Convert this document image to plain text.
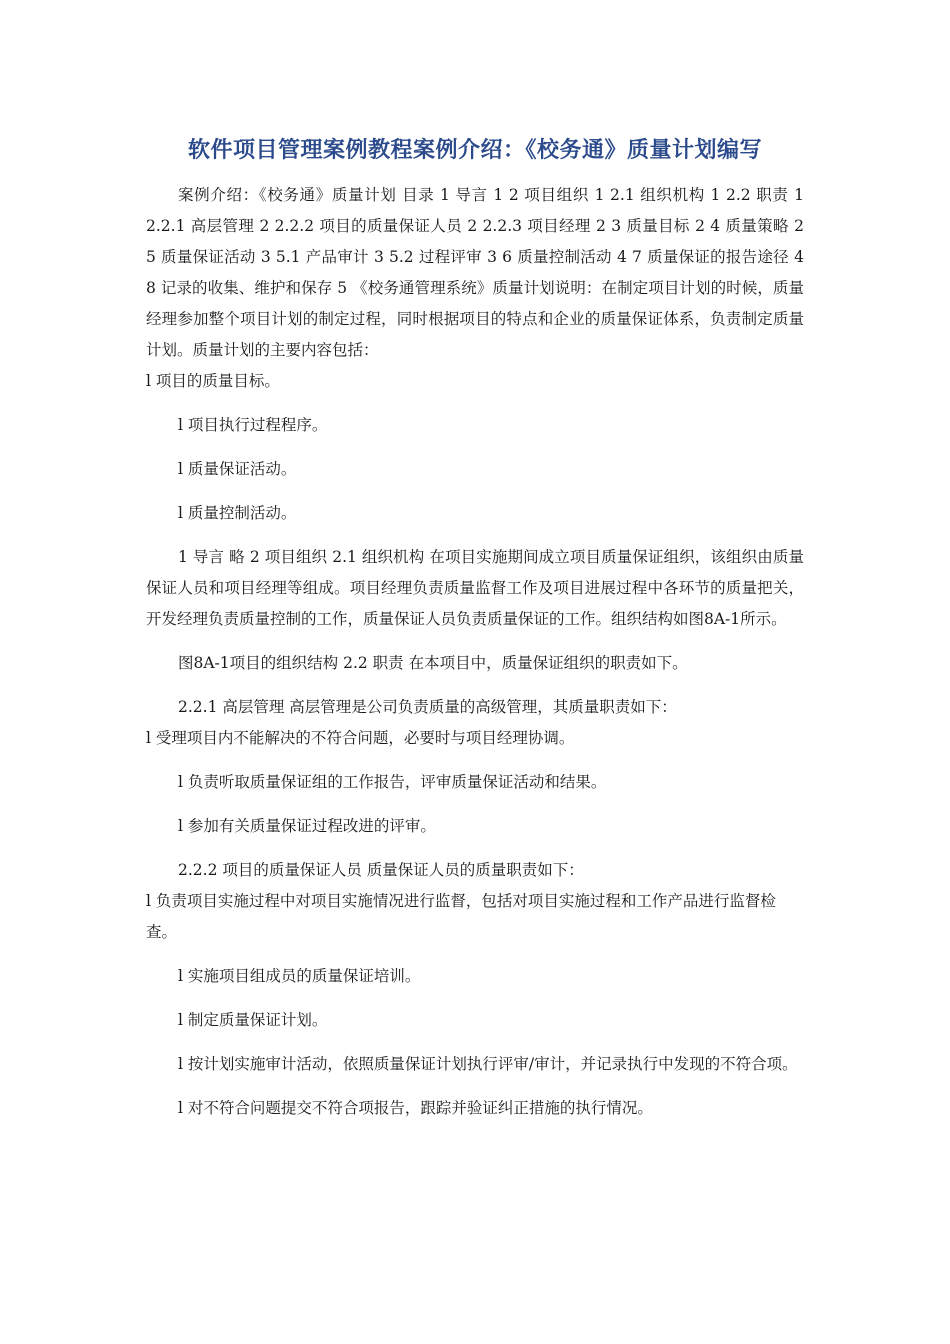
软件项目管理案例教程案例介绍：《校务通》质量计划编写

案例介绍：《校务通》质量计划 目录 1 导言 1 2 项目组织 1 2.1 组织机构 1 2.2 职责 1 2.2.1 高层管理 2 2.2.2 项目的质量保证人员 2 2.2.3 项目经理 2 3 质量目标 2 4 质量策略 2 5 质量保证活动 3 5.1 产品审计 3 5.2 过程评审 3 6 质量控制活动 4 7 质量保证的报告途径 4 8 记录的收集、维护和保存 5 《校务通管理系统》质量计划说明：在制定项目计划的时候，质量经理参加整个项目计划的制定过程，同时根据项目的特点和企业的质量保证体系，负责制定质量计划。质量计划的主要内容包括：

l 项目的质量目标。

l 项目执行过程程序。

l 质量保证活动。

l 质量控制活动。

1 导言 略 2 项目组织 2.1 组织机构 在项目实施期间成立项目质量保证组织，该组织由质量保证人员和项目经理等组成。项目经理负责质量监督工作及项目进展过程中各环节的质量把关，开发经理负责质量控制的工作，质量保证人员负责质量保证的工作。组织结构如图8A-1所示。

图8A-1项目的组织结构 2.2 职责 在本项目中，质量保证组织的职责如下。

2.2.1 高层管理 高层管理是公司负责质量的高级管理，其质量职责如下：

l 受理项目内不能解决的不符合问题，必要时与项目经理协调。

l 负责听取质量保证组的工作报告，评审质量保证活动和结果。

l 参加有关质量保证过程改进的评审。

2.2.2 项目的质量保证人员 质量保证人员的质量职责如下：

l 负责项目实施过程中对项目实施情况进行监督，包括对项目实施过程和工作产品进行监督检查。

l 实施项目组成员的质量保证培训。

l 制定质量保证计划。

l 按计划实施审计活动，依照质量保证计划执行评审/审计，并记录执行中发现的不符合项。

l 对不符合问题提交不符合项报告，跟踪并验证纠正措施的执行情况。
